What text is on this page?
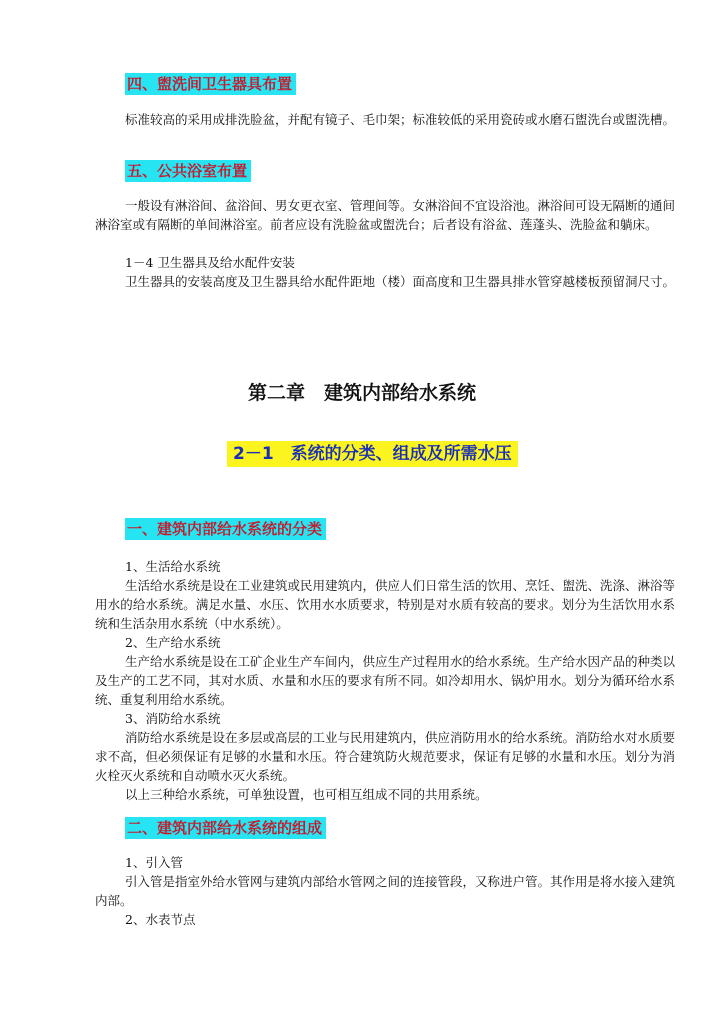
四、盥洗间卫生器具布置

标准较高的采用成排洗脸盆，并配有镜子、毛巾架；标准较低的采用瓷砖或水磨石盥洗台或盥洗槽。

五、公共浴室布置

一般设有淋浴间、盆浴间、男女更衣室、管理间等。女淋浴间不宜设浴池。淋浴间可设无隔断的通间淋浴室或有隔断的单间淋浴室。前者应设有洗脸盆或盥洗台；后者设有浴盆、莲蓬头、洗脸盆和躺床。

1－4 卫生器具及给水配件安装

卫生器具的安装高度及卫生器具给水配件距地（楼）面高度和卫生器具排水管穿越楼板预留洞尺寸。

第二章　建筑内部给水系统
2－1　系统的分类、组成及所需水压
一、建筑内部给水系统的分类

1、生活给水系统

生活给水系统是设在工业建筑或民用建筑内，供应人们日常生活的饮用、烹饪、盥洗、洗涤、淋浴等用水的给水系统。满足水量、水压、饮用水水质要求，特别是对水质有较高的要求。划分为生活饮用水系统和生活杂用水系统（中水系统）。

2、生产给水系统

生产给水系统是设在工矿企业生产车间内，供应生产过程用水的给水系统。生产给水因产品的种类以及生产的工艺不同，其对水质、水量和水压的要求有所不同。如冷却用水、锅炉用水。划分为循环给水系统、重复利用给水系统。

3、消防给水系统

消防给水系统是设在多层或高层的工业与民用建筑内，供应消防用水的给水系统。消防给水对水质要求不高，但必须保证有足够的水量和水压。符合建筑防火规范要求，保证有足够的水量和水压。划分为消火栓灭火系统和自动喷水灭火系统。

以上三种给水系统，可单独设置，也可相互组成不同的共用系统。

二、建筑内部给水系统的组成

1、引入管

引入管是指室外给水管网与建筑内部给水管网之间的连接管段，又称进户管。其作用是将水接入建筑内部。

2、水表节点
